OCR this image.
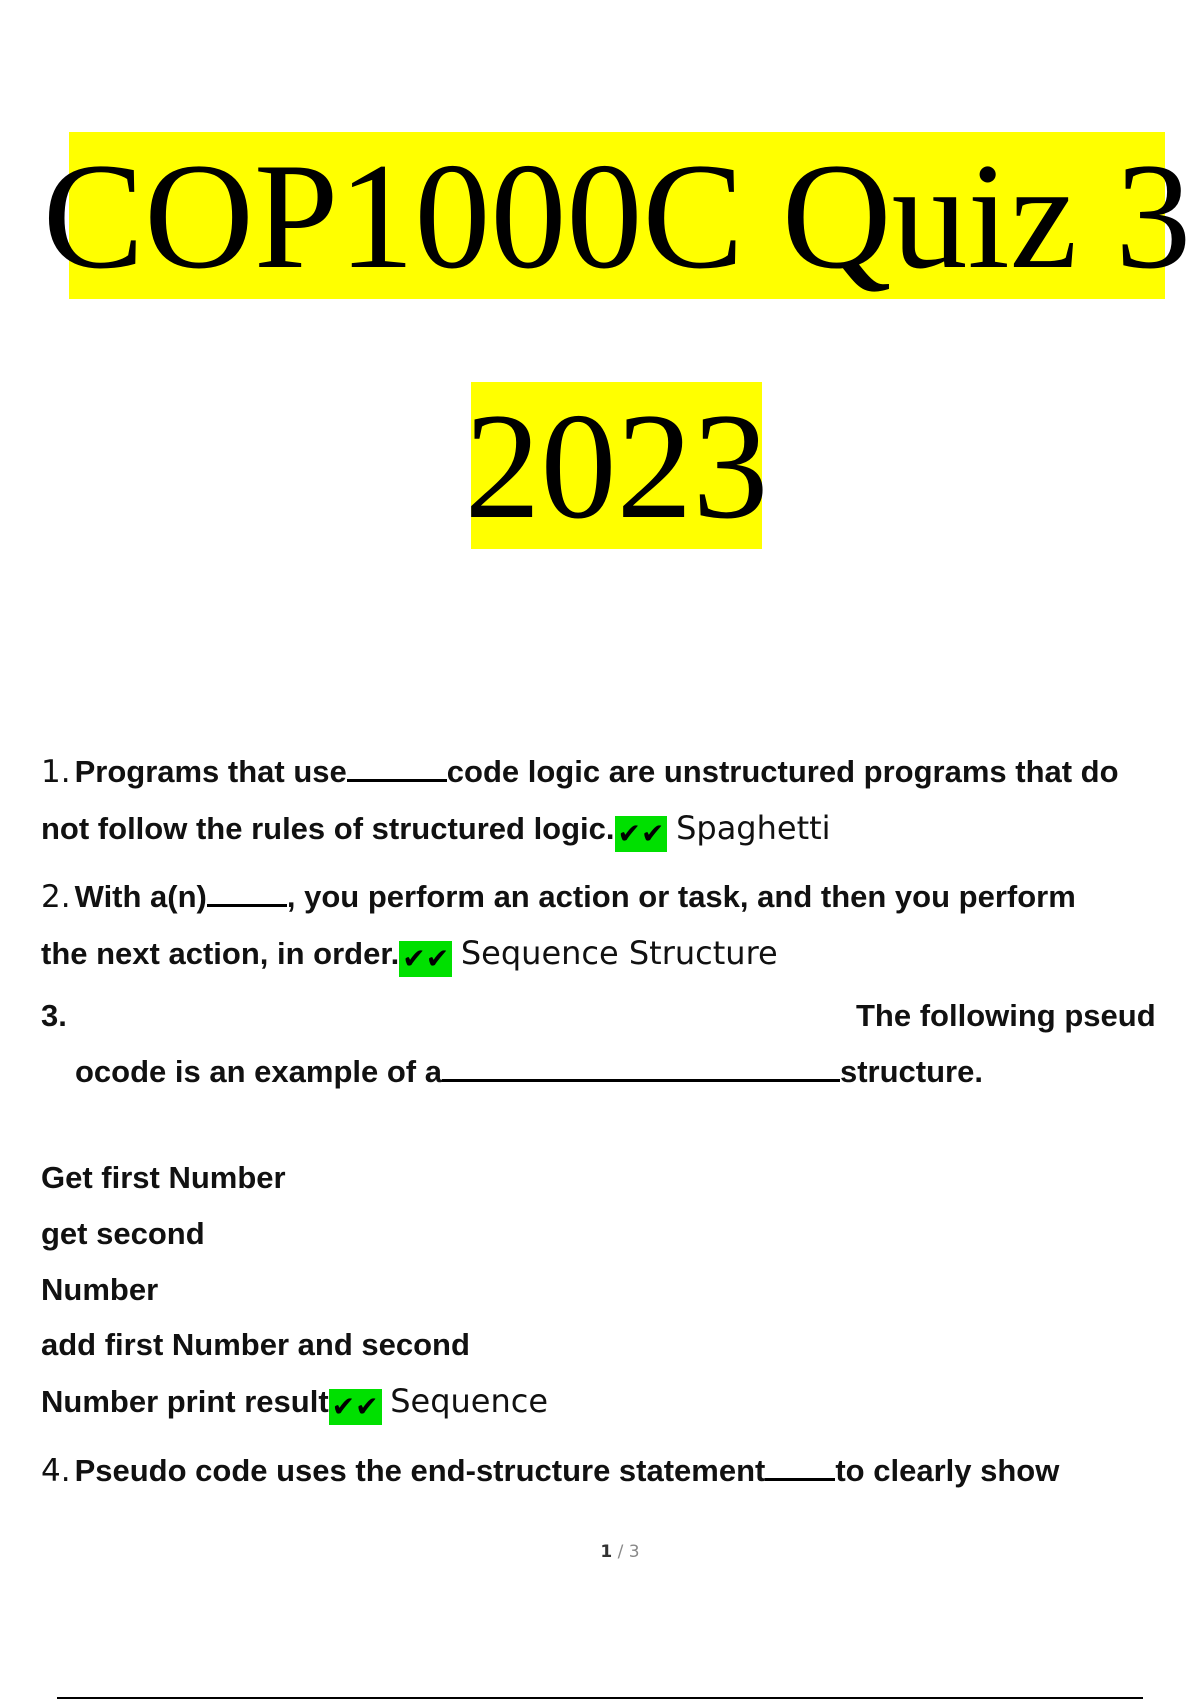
COP1000C Quiz 3
2023
1. Programs that use	code logic are unstructured programs that do
not follow the rules of structured logic. ✔✔ Spaghetti
2. With a(n)	, you perform an action or task, and then you perform
the next action, in order. ✔✔ Sequence Structure
3.	The following pseud
ocode is an example of a	structure.
Get first Number
get second
Number
add first Number and second
Number print result ✔✔ Sequence
4. Pseudo code uses the end-structure statement to clearly show
1 / 3
